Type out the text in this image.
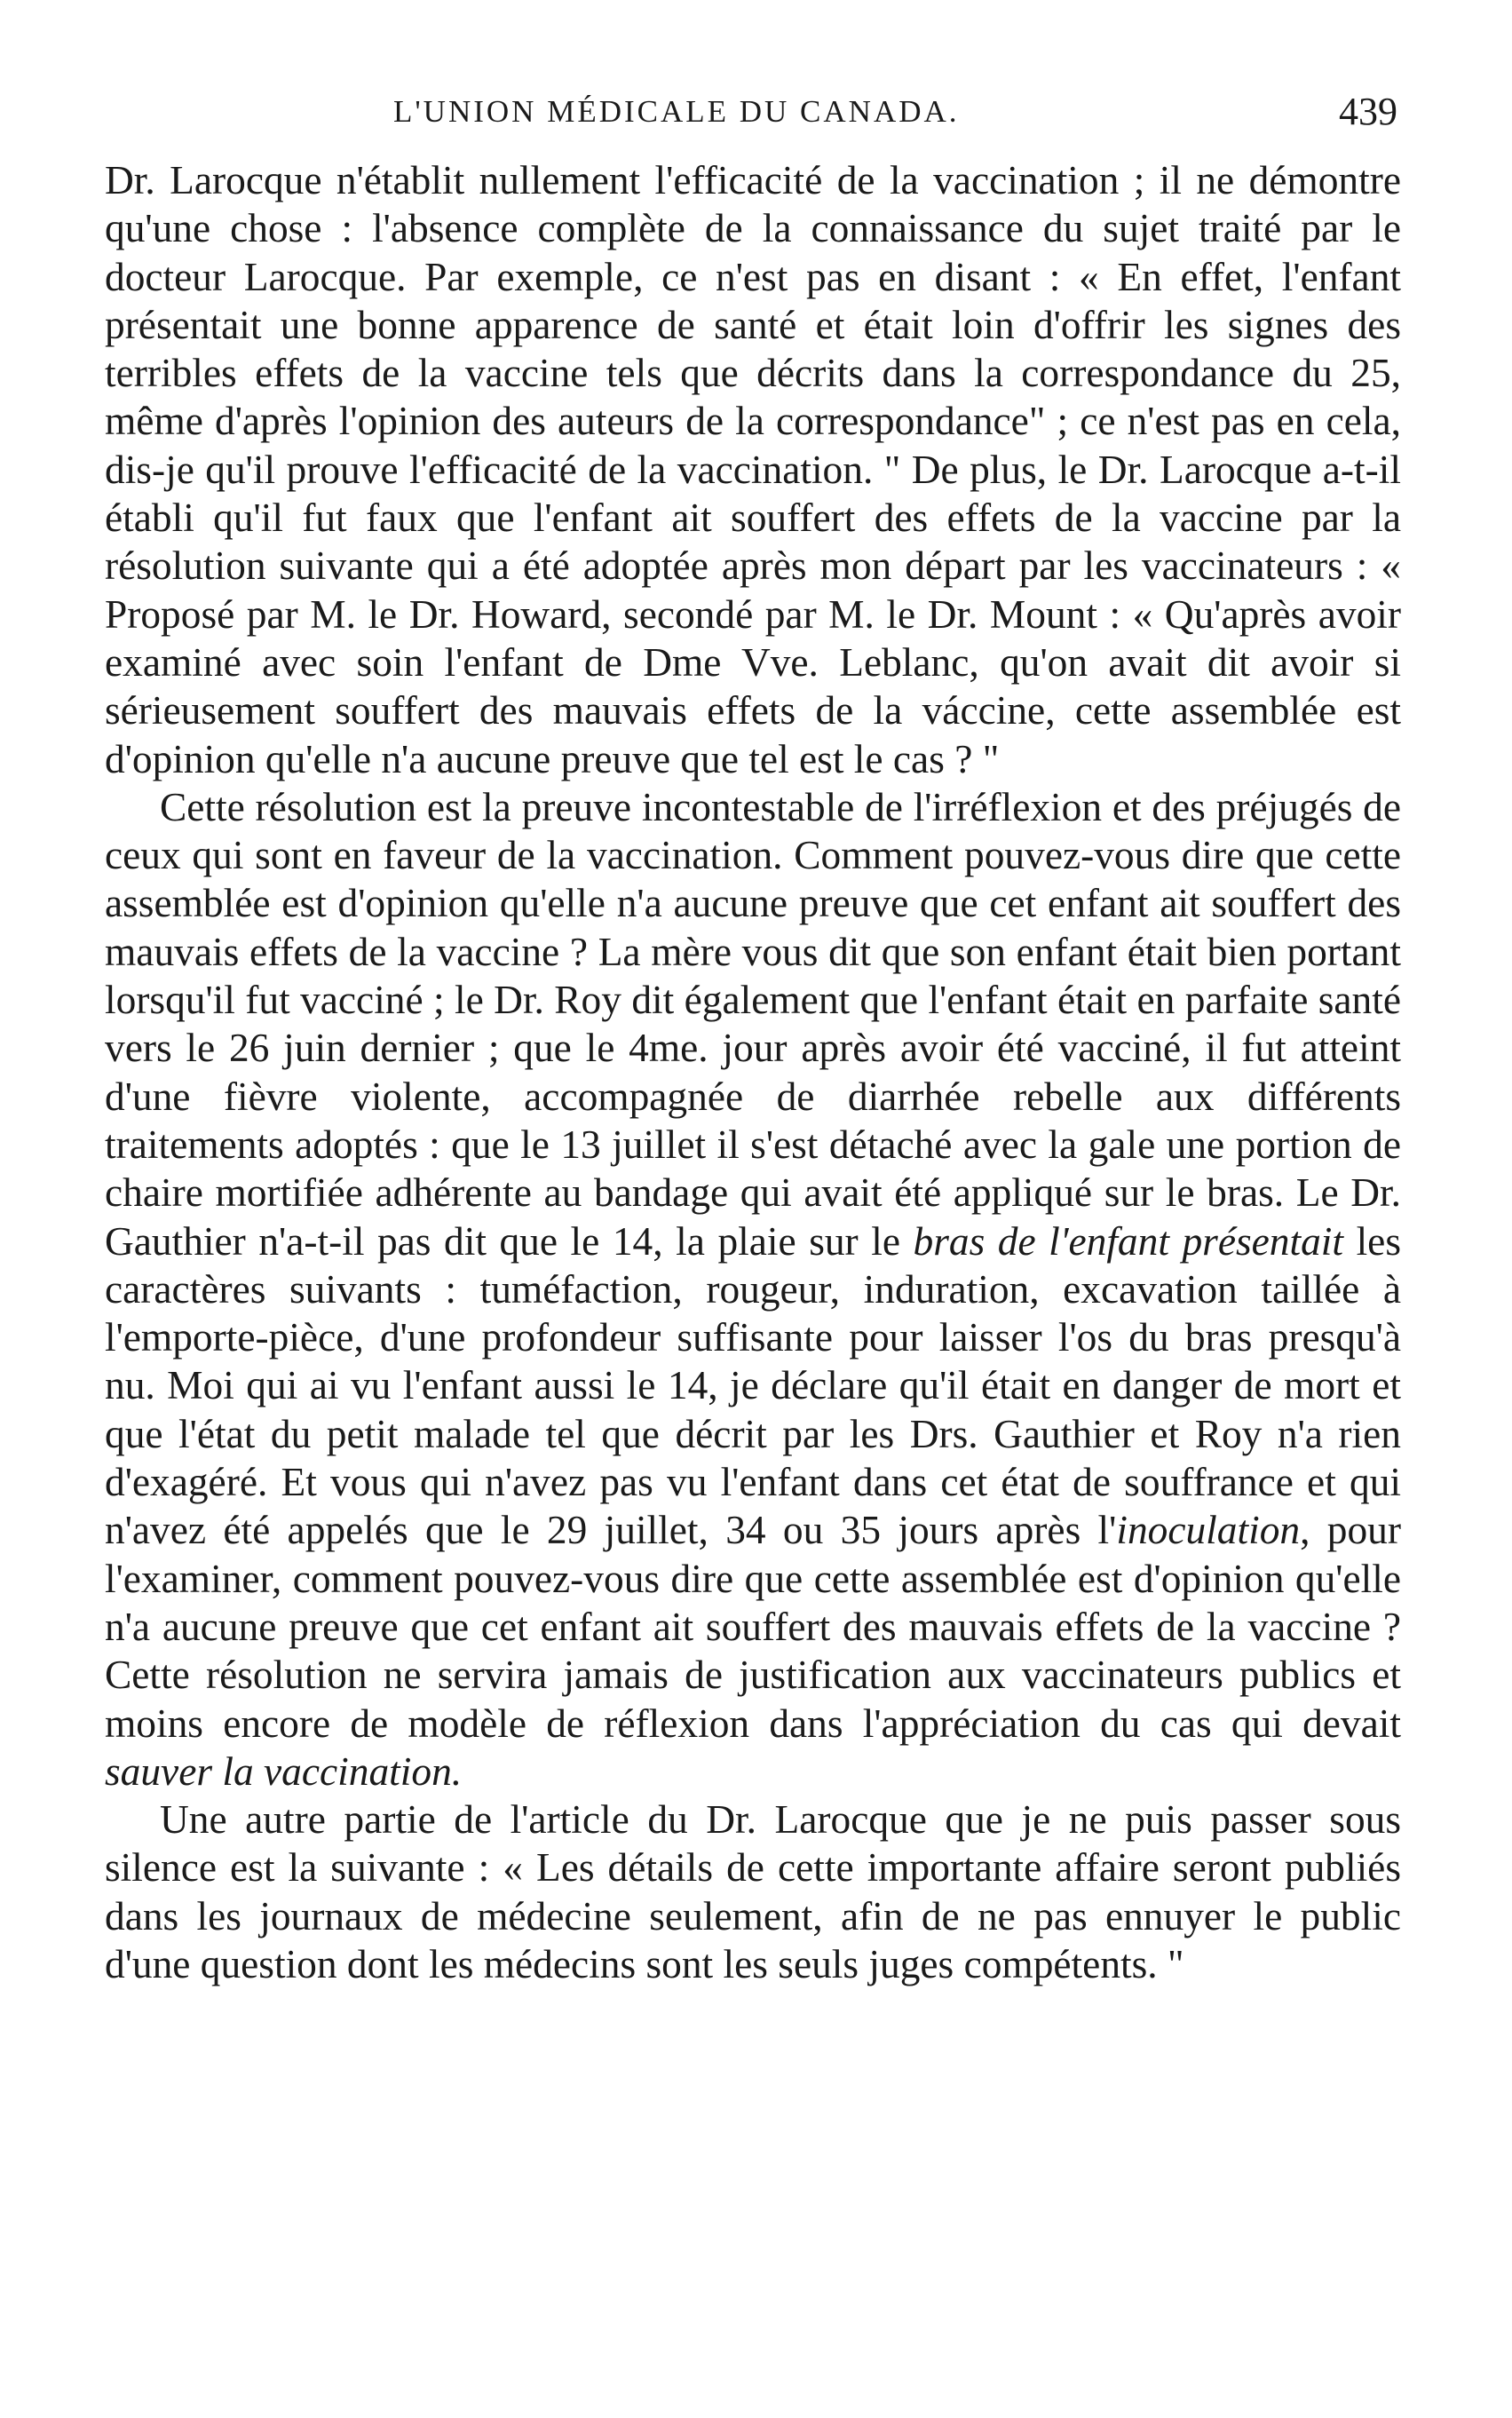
L'UNION MÉDICALE DU CANADA.	439

Dr. Larocque n'établit nullement l'efficacité de la vaccination ; il ne démontre qu'une chose : l'absence complète de la connaissance du sujet traité par le docteur Larocque. Par exemple, ce n'est pas en disant : « En effet, l'enfant présentait une bonne apparence de santé et était loin d'offrir les signes des terribles effets de la vaccine tels que décrits dans la correspondance du 25, même d'après l'opinion des auteurs de la correspondance" ; ce n'est pas en cela, dis-je qu'il prouve l'efficacité de la vaccination. " De plus, le Dr. Larocque a-t-il établi qu'il fut faux que l'enfant ait souffert des effets de la vaccine par la résolution suivante qui a été adoptée après mon départ par les vaccinateurs : « Proposé par M. le Dr. Howard, secondé par M. le Dr. Mount : « Qu'après avoir examiné avec soin l'enfant de Dme Vve. Leblanc, qu'on avait dit avoir si sérieusement souffert des mauvais effets de la váccine, cette assemblée est d'opinion qu'elle n'a aucune preuve que tel est le cas ? "

Cette résolution est la preuve incontestable de l'irréflexion et des préjugés de ceux qui sont en faveur de la vaccination. Comment pouvez-vous dire que cette assemblée est d'opinion qu'elle n'a aucune preuve que cet enfant ait souffert des mauvais effets de la vaccine ? La mère vous dit que son enfant était bien portant lorsqu'il fut vacciné ; le Dr. Roy dit également que l'enfant était en parfaite santé vers le 26 juin dernier ; que le 4me. jour après avoir été vacciné, il fut atteint d'une fièvre violente, accompagnée de diarrhée rebelle aux différents traitements adoptés : que le 13 juillet il s'est détaché avec la gale une portion de chaire mortifiée adhérente au bandage qui avait été appliqué sur le bras. Le Dr. Gauthier n'a-t-il pas dit que le 14, la plaie sur le bras de l'enfant présentait les caractères suivants : tuméfaction, rougeur, induration, excavation taillée à l'emporte-pièce, d'une profondeur suffisante pour laisser l'os du bras presqu'à nu. Moi qui ai vu l'enfant aussi le 14, je déclare qu'il était en danger de mort et que l'état du petit malade tel que décrit par les Drs. Gauthier et Roy n'a rien d'exagéré. Et vous qui n'avez pas vu l'enfant dans cet état de souffrance et qui n'avez été appelés que le 29 juillet, 34 ou 35 jours après l'inoculation, pour l'examiner, comment pouvez-vous dire que cette assemblée est d'opinion qu'elle n'a aucune preuve que cet enfant ait souffert des mauvais effets de la vaccine ? Cette résolution ne servira jamais de justification aux vaccinateurs publics et moins encore de modèle de réflexion dans l'appréciation du cas qui devait sauver la vaccination.

Une autre partie de l'article du Dr. Larocque que je ne puis passer sous silence est la suivante : « Les détails de cette importante affaire seront publiés dans les journaux de médecine seulement, afin de ne pas ennuyer le public d'une question dont les médecins sont les seuls juges compétents. "
